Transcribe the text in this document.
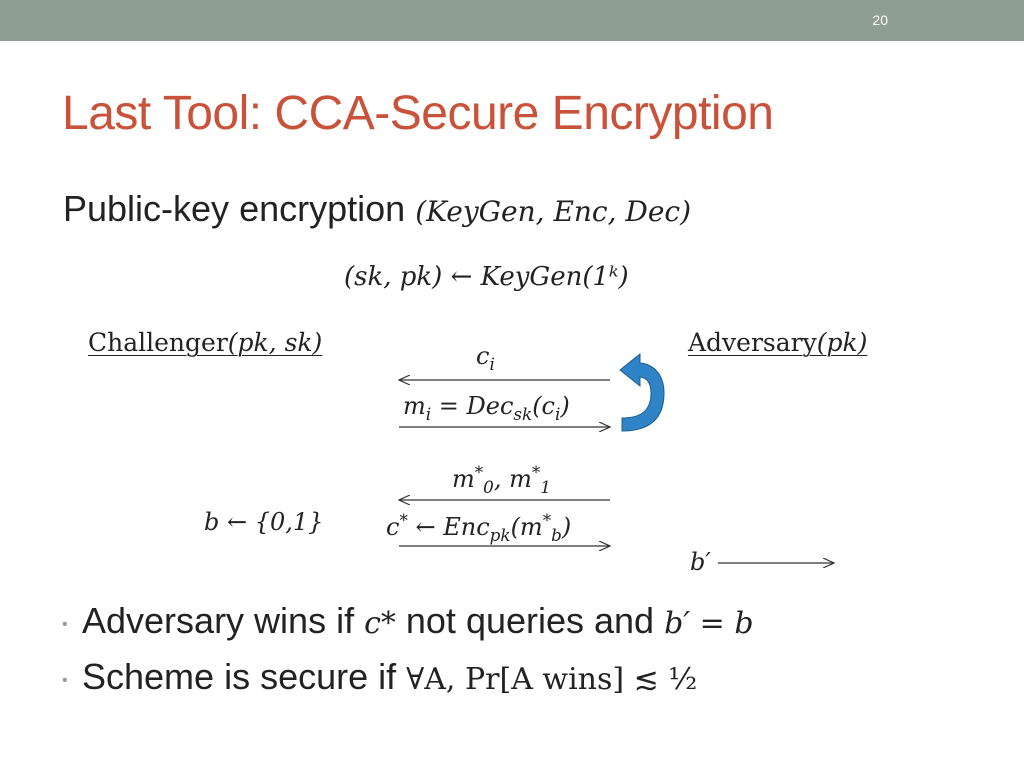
20
Last Tool: CCA-Secure Encryption
Public-key encryption (KeyGen, Enc, Dec)
(sk, pk) ← KeyGen(1ᵏ)
Challenger(pk, sk)	Adversary(pk)
$c_i$
$m_i = Dec_{sk}(c_i)$
$m^*_0$, $m^*_1$
b ← {0,1}	c* ← $Enc_{pk}(m^*_b)$
b′
• Adversary wins if c* not queries and b′ = b
• Scheme is secure if ∀A, Pr[A wins] ≲ ½
